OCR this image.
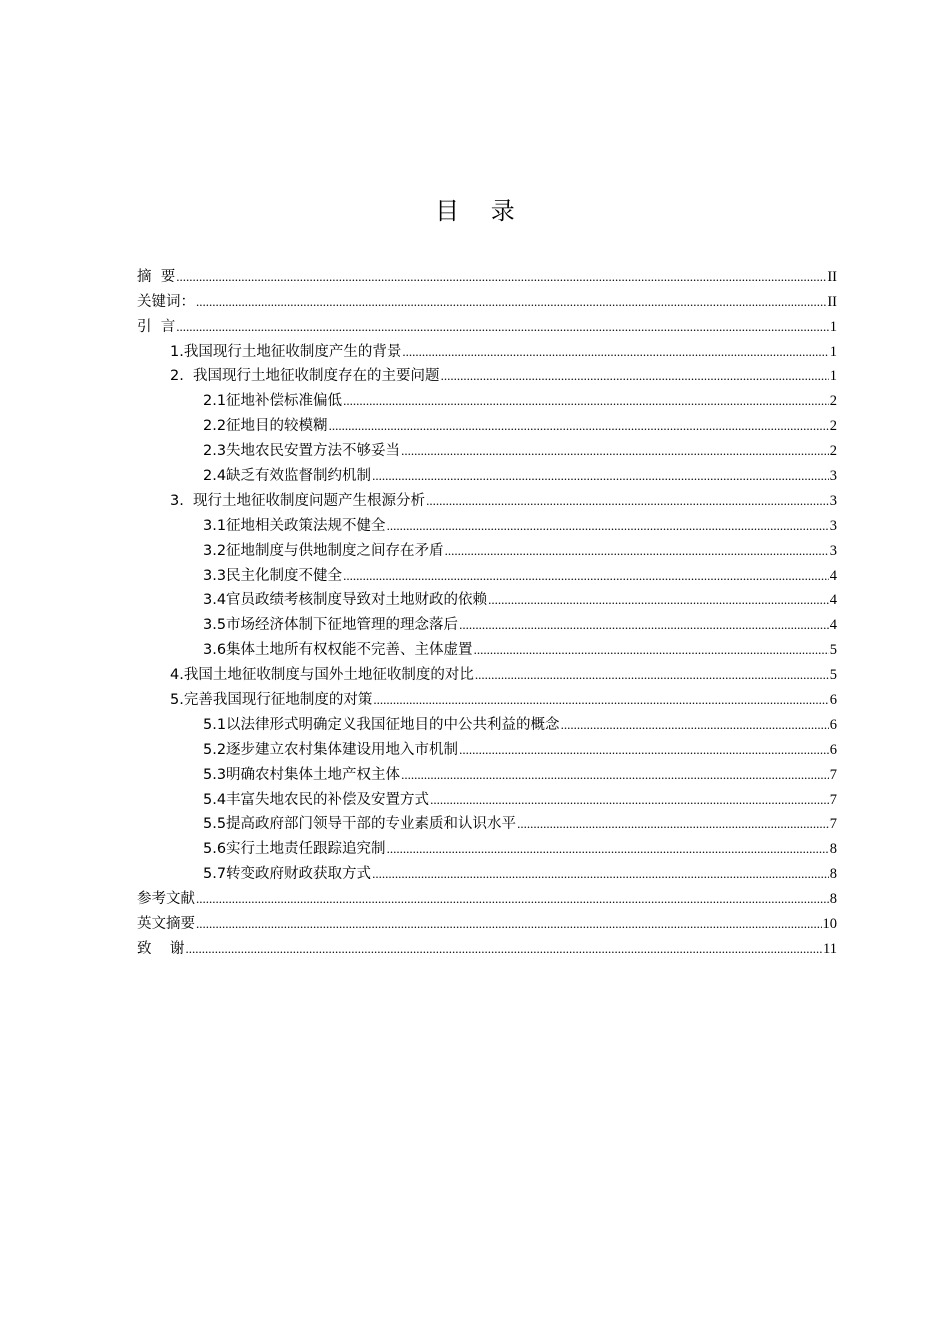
目 录
摘  要 .....	II
关键词： .....	II
引  言 .....	1
1.我国现行土地征收制度产生的背景 .....	1
2.  我国现行土地征收制度存在的主要问题 .....	1
2.1征地补偿标准偏低 .....	2
2.2征地目的较模糊 .....	2
2.3失地农民安置方法不够妥当 .....	2
2.4缺乏有效监督制约机制 .....	3
3.  现行土地征收制度问题产生根源分析 .....	3
3.1征地相关政策法规不健全 .....	3
3.2征地制度与供地制度之间存在矛盾 .....	3
3.3民主化制度不健全 .....	4
3.4官员政绩考核制度导致对土地财政的依赖 .....	4
3.5市场经济体制下征地管理的理念落后 .....	4
3.6集体土地所有权权能不完善、主体虚置 .....	5
4.我国土地征收制度与国外土地征收制度的对比 .....	5
5.完善我国现行征地制度的对策 .....	6
5.1以法律形式明确定义我国征地目的中公共利益的概念 .....	6
5.2逐步建立农村集体建设用地入市机制 .....	6
5.3明确农村集体土地产权主体 .....	7
5.4丰富失地农民的补偿及安置方式 .....	7
5.5提高政府部门领导干部的专业素质和认识水平 .....	7
5.6实行土地责任跟踪追究制 .....	8
5.7转变政府财政获取方式 .....	8
参考文献 .....	8
英文摘要 .....	10
致    谢 .....	11
